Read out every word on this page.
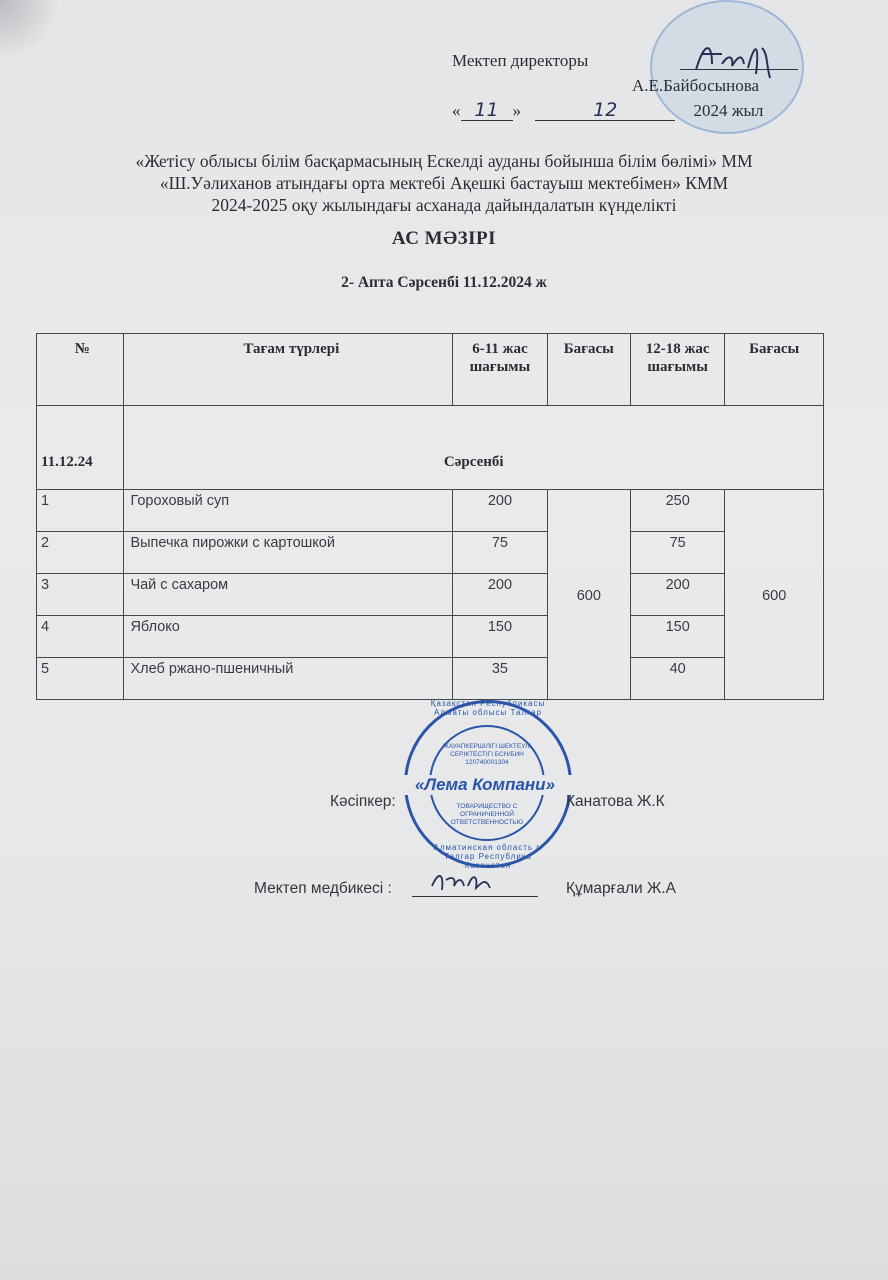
Мектеп директоры
А.Е.Байбосынова
« 11 »	12	2024 жыл
«Жетісу облысы білім басқармасының Ескелді ауданы бойынша білім бөлімі» ММ
«Ш.Уәлиханов атындағы орта мектебі Ақешкі бастауыш мектебімен» КММ
2024-2025 оқу жылындағы асханада дайындалатын күнделікті
АС МӘЗІРІ
2- Апта Сәрсенбі 11.12.2024 ж
№	Тағам түрлері	6-11 жас шағымы	Бағасы	12-18 жас шағымы	Бағасы
11.12.24	Сәрсенбі				
1	Гороховый суп	200	600	250	600
2	Выпечка пирожки с картошкой	75		75	
3	Чай с сахаром	200		200	
4	Яблоко	150		150	
5	Хлеб ржано-пшеничный	35		40	
Қазақстан Республикасы Алматы облысы Талғар
ЖАУАПКЕРШІЛІГІ ШЕКТЕУЛІ СЕРІКТЕСТІГІ БСН/БИН 120740001304
«Лема Компани»
ТОВАРИЩЕСТВО С ОГРАНИЧЕННОЙ ОТВЕТСТВЕННОСТЬЮ
Алматинская область г. Талгар Республика Казахстан
Кәсіпкер:	Канатова Ж.К
Мектеп медбикесі :	Құмарғали Ж.А
